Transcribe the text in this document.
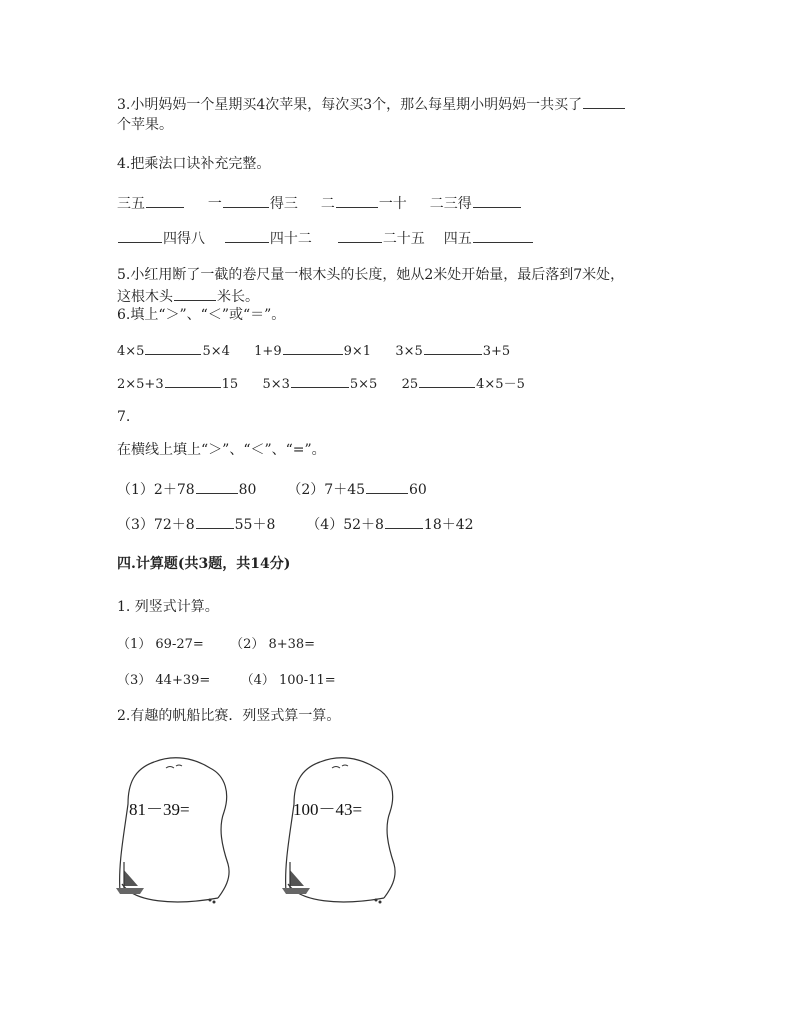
3.小明妈妈一个星期买4次苹果，每次买3个，那么每星期小明妈妈一共买了
个苹果。
4.把乘法口诀补充完整。
三五	一	得三 二	一十 二三得
四得八	四十二	二十五 四五
5.小红用断了一截的卷尺量一根木头的长度，她从2米处开始量，最后落到7米处，
这根木头	米长。
6.填上“＞”、“＜”或“＝”。
4×5	5×4 1+9	9×1 3×5	3+5
2×5+3	15 5×3	5×5 25	4×5－5
7.
在横线上填上“＞”、“＜”、“=”。
（1）2＋78	80 （2）7＋45	60
（3）72＋8	55＋8 （4）52＋8	18＋42
四.计算题(共3题，共14分)
1. 列竖式计算。
（1） 69-27= （2） 8+38=
（3） 44+39= （4） 100-11=
2.有趣的帆船比赛．列竖式算一算。
81－39=	100－43=
